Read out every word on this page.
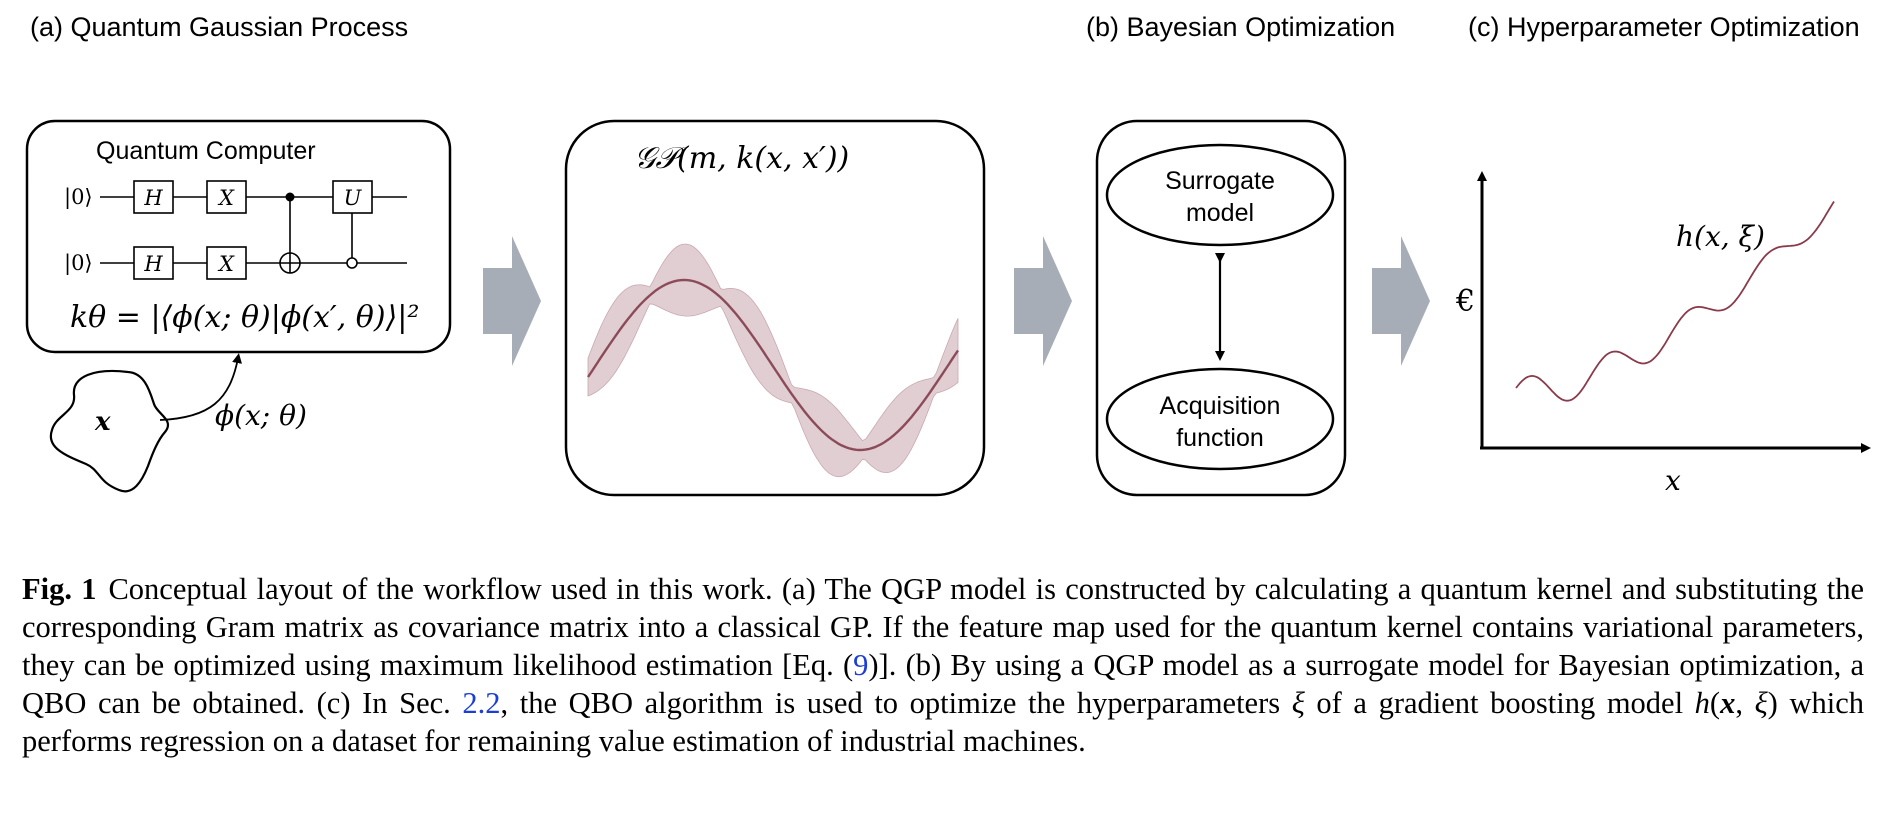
(a) Quantum Gaussian Process	(b) Bayesian Optimization	(c) Hyperparameter Optimization
Quantum Computer
|0⟩
|0⟩
H	X
H	X
U
kθ = |⟨ϕ(x; θ)|ϕ(x′, θ)⟩|²
x	ϕ(x; θ)
𝒢𝒫(m, k(x, x′))
Surrogate
model
Acquisition
function
€
x
h(x, ξ)
Fig. 1 Conceptual layout of the workflow used in this work. (a) The QGP model is constructed by calculating a quantum kernel and substituting the corresponding Gram matrix as covariance matrix into a classical GP. If the feature map used for the quantum kernel contains variational parameters, they can be optimized using maximum likelihood estimation [Eq. (9)]. (b) By using a QGP model as a surrogate model for Bayesian optimization, a QBO can be obtained. (c) In Sec. 2.2, the QBO algorithm is used to optimize the hyperparameters ξ of a gradient boosting model h(x, ξ) which performs regression on a dataset for remaining value estimation of industrial machines.
